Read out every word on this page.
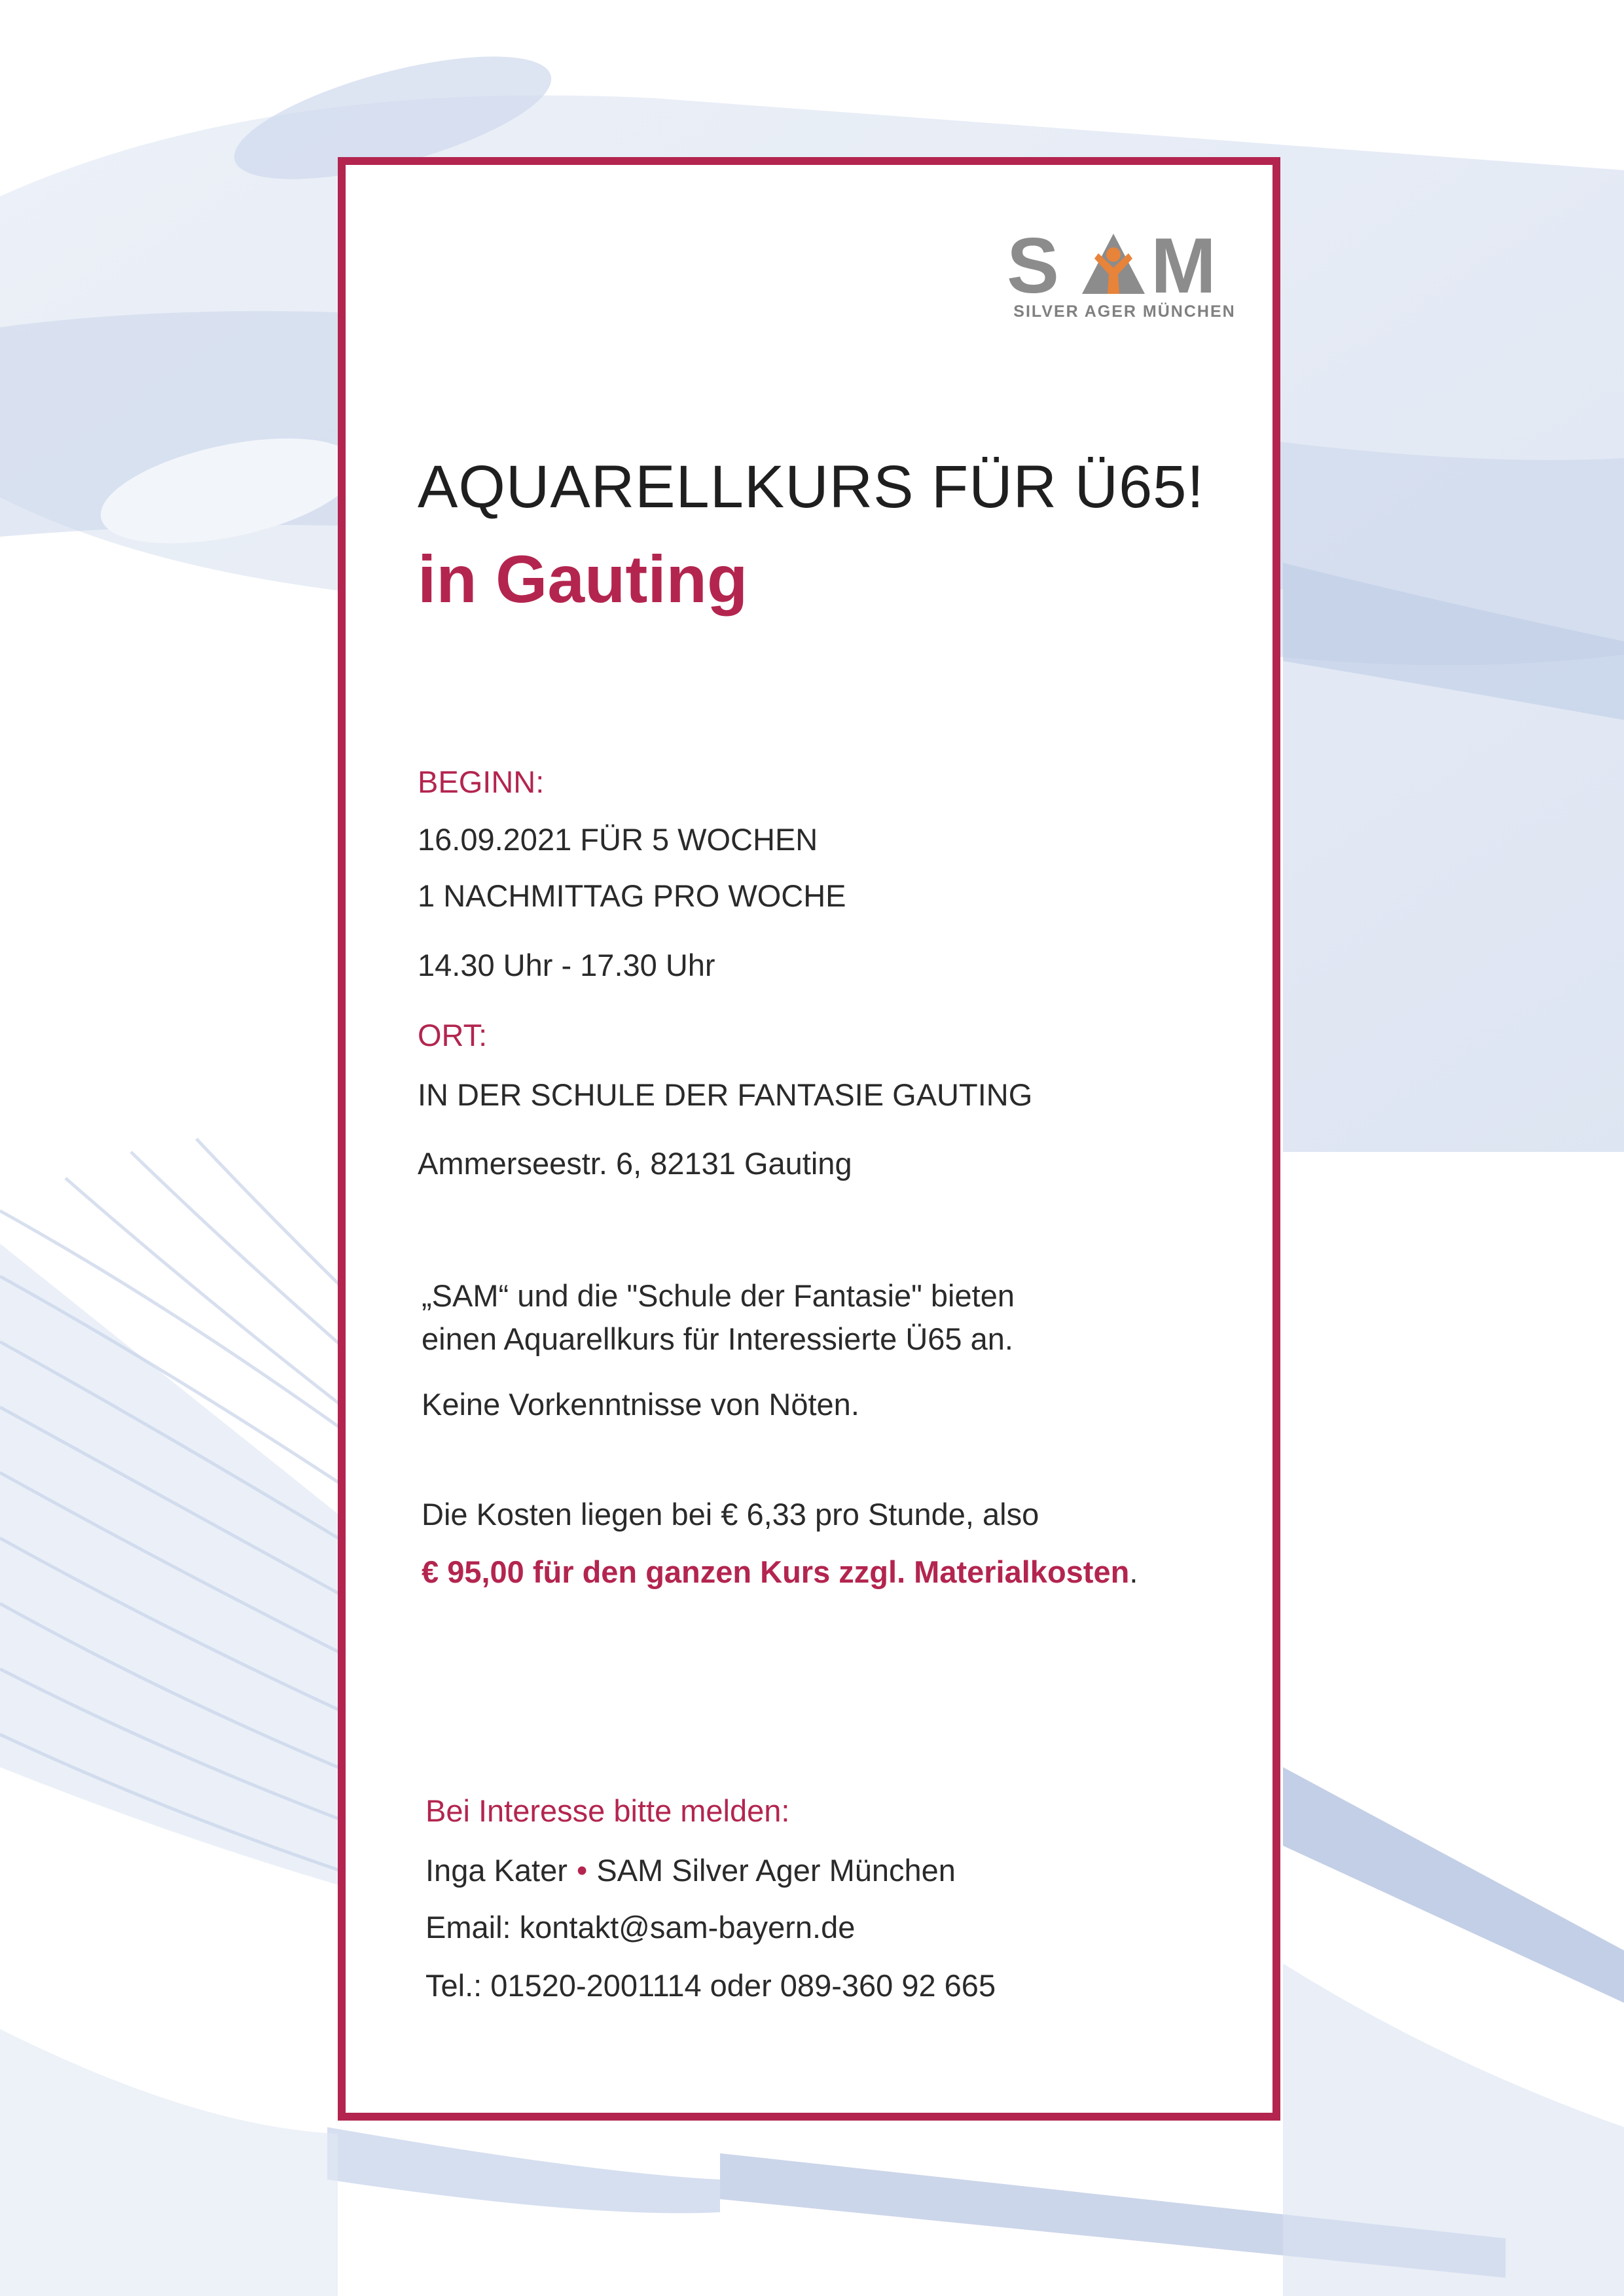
S M
SILVER AGER MÜNCHEN
AQUARELLKURS FÜR Ü65!
in Gauting
BEGINN:
16.09.2021 FÜR 5 WOCHEN
1 NACHMITTAG PRO WOCHE
14.30 Uhr - 17.30 Uhr
ORT:
IN DER SCHULE DER FANTASIE GAUTING
Ammerseestr. 6, 82131 Gauting
„SAM“ und die "Schule der Fantasie" bieten
einen Aquarellkurs für Interessierte Ü65 an.
Keine Vorkenntnisse von Nöten.
Die Kosten liegen bei € 6,33 pro Stunde, also
€ 95,00 für den ganzen Kurs zzgl. Materialkosten.
Bei Interesse bitte melden:
Inga Kater • SAM Silver Ager München
Email: kontakt@sam-bayern.de
Tel.: 01520-2001114 oder 089-360 92 665
